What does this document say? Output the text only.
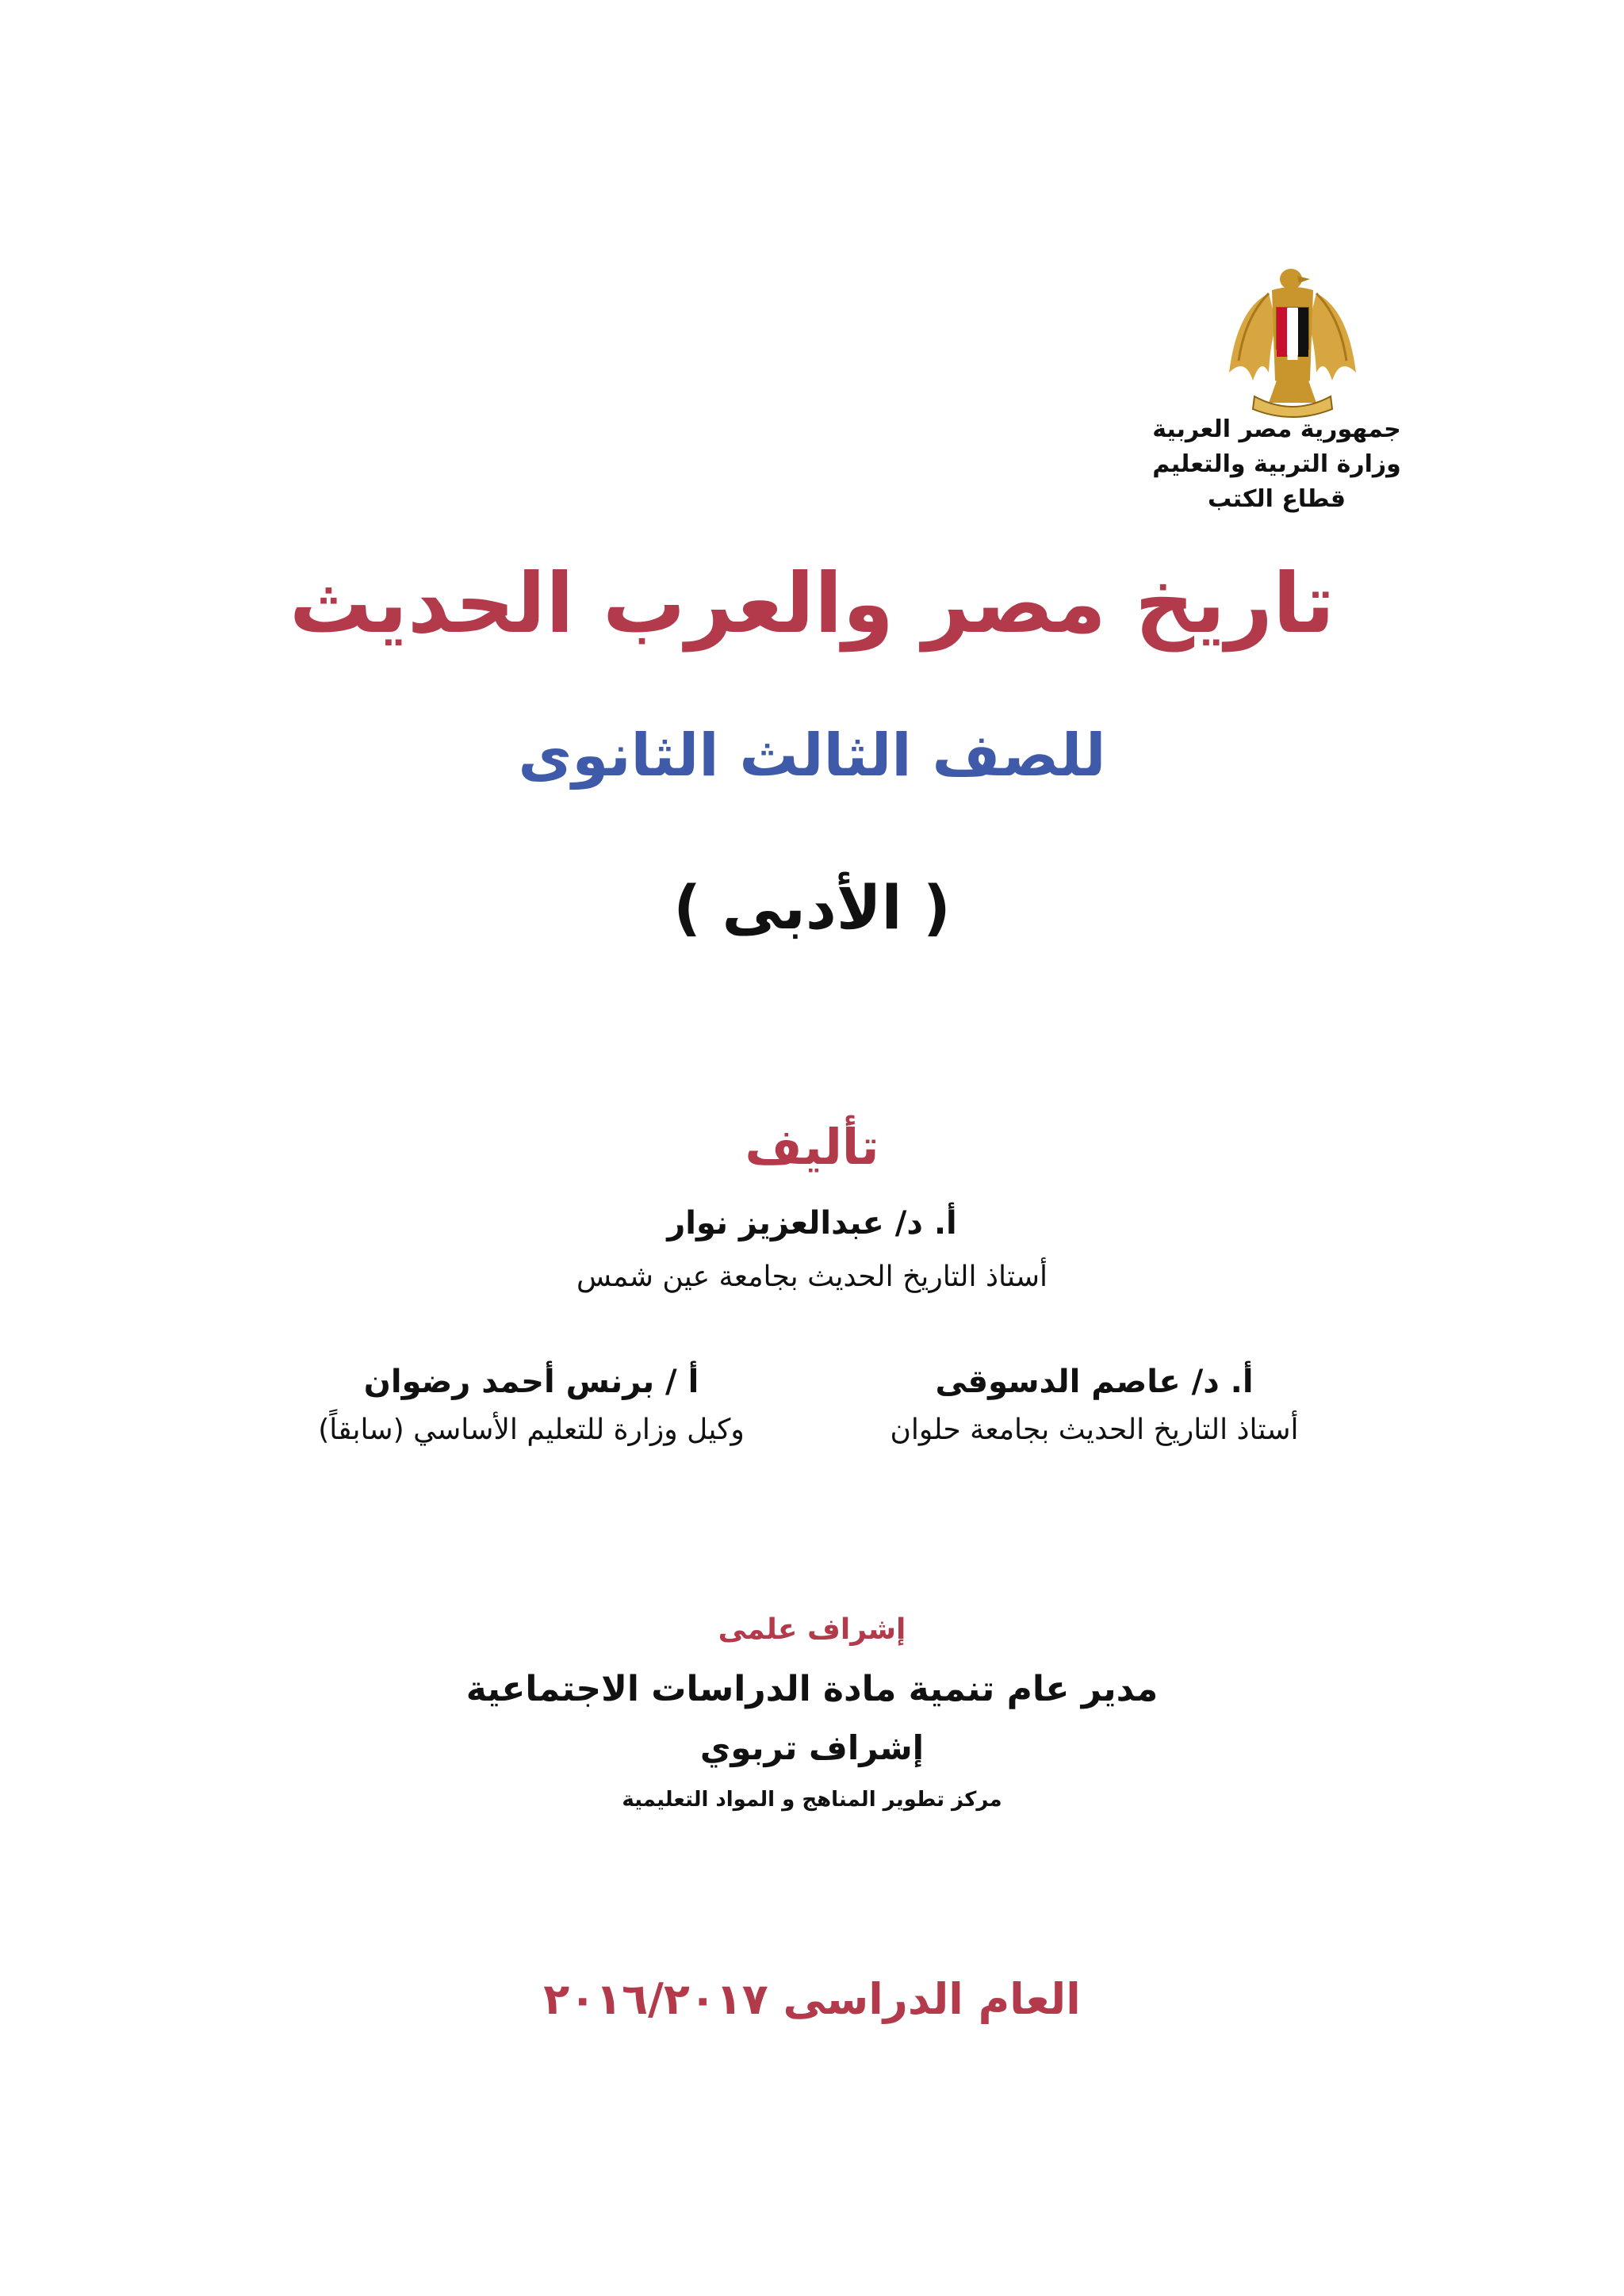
جمهورية مصر العربية
وزارة التربية والتعليم
قطاع الكتب
تاريخ مصر والعرب الحديث
للصف الثالث الثانوى
( الأدبى )
تأليف
أ. د/ عبدالعزيز نوار
أستاذ التاريخ الحديث بجامعة عين شمس
أ. د/ عاصم الدسوقى
أستاذ التاريخ الحديث بجامعة حلوان
أ / برنس أحمد رضوان
وكيل وزارة للتعليم الأساسي (سابقاً)
إشراف علمى
مدير عام تنمية مادة الدراسات الاجتماعية
إشراف تربوي
مركز تطوير المناهج و المواد التعليمية
العام الدراسى ٢٠١٦/٢٠١٧
